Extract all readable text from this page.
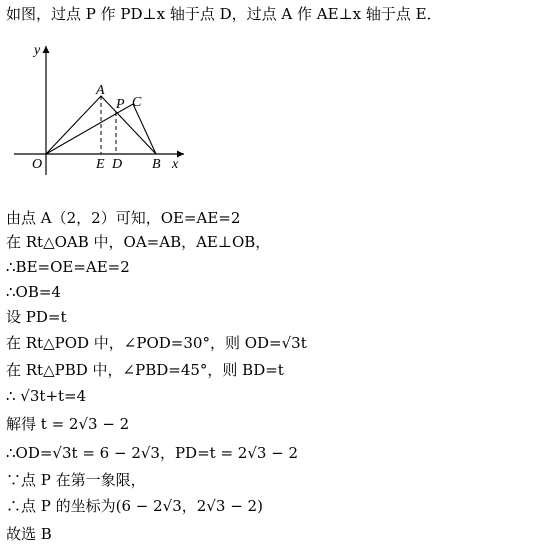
如图，过点 P 作 PD⊥x 轴于点 D，过点 A 作 AE⊥x 轴于点 E．
y
x
O	E D B
A
P C
由点 A（2，2）可知，OE=AE=2
在 Rt△OAB 中，OA=AB，AE⊥OB，
∴BE=OE=AE=2
∴OB=4
设 PD=t
在 Rt△POD 中，∠POD=30°，则 OD=√3t
在 Rt△PBD 中，∠PBD=45°，则 BD=t
∴ √3t+t=4
解得 t = 2√3 − 2
∴OD=√3t = 6 − 2√3，PD=t = 2√3 − 2
∵点 P 在第一象限，
∴点 P 的坐标为(6 − 2√3，2√3 − 2)
故选 B
